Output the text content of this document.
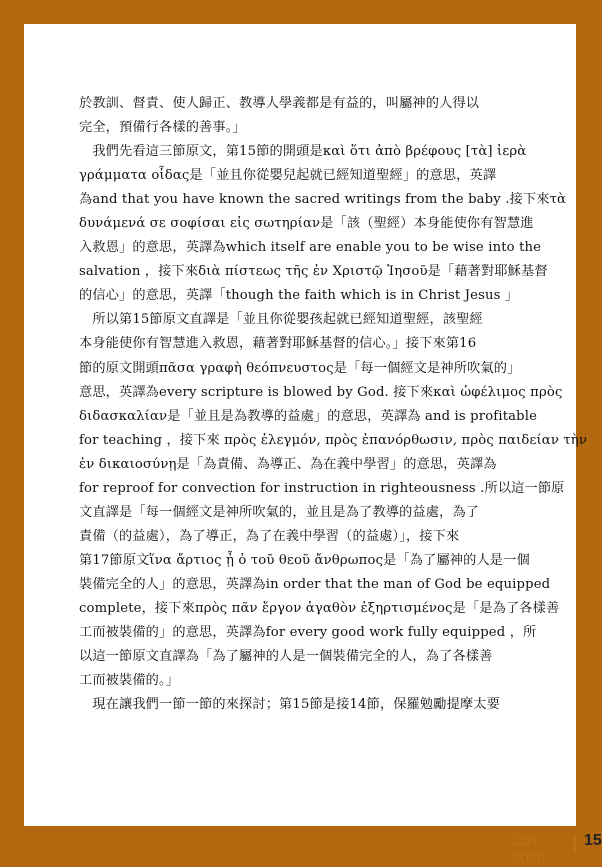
於教訓、督責、使人歸正、教導人學義都是有益的，叫屬神的人得以
完全，預備行各樣的善事。」
　我們先看這三節原文，第15節的開頭是καὶ ὅτι ἀπὸ βρέφους [τὰ] ἱερὰ
γράμματα οἶδας是「並且你從嬰兒起就已經知道聖經」的意思，英譯
為and that you have known the sacred writings from the baby .接下來τὰ
δυνάμενά σε σοφίσαι εἰς σωτηρίαν是「該（聖經）本身能使你有智慧進
入救恩」的意思，英譯為which itself are enable you to be wise into the
salvation ，接下來διὰ πίστεως τῆς ἐν Χριστῷ Ἰησοῦ是「藉著對耶穌基督
的信心」的意思，英譯「though the faith which is in Christ Jesus 」
　所以第15節原文直譯是「並且你從嬰孩起就已經知道聖經，該聖經
本身能使你有智慧進入救恩，藉著對耶穌基督的信心。」接下來第16
節的原文開頭πᾶσα γραφὴ θεόπνευστος是「每一個經文是神所吹氣的」
意思，英譯為every scripture is blowed by God. 接下來καὶ ὠφέλιμος πρὸς
διδασκαλίαν是「並且是為教導的益處」的意思，英譯為 and is profitable
for teaching ，接下來 πρὸς ἐλεγμόν, πρὸς ἐπανόρθωσιν, πρὸς παιδείαν τὴν
ἐν δικαιοσύνῃ是「為責備、為導正、為在義中學習」的意思，英譯為
for reproof for convection for instruction in righteousness .所以這一節原
文直譯是「每一個經文是神所吹氣的，並且是為了教導的益處，為了
責備（的益處），為了導正，為了在義中學習（的益處）」，接下來
第17節原文ἵνα ἄρτιος ᾖ ὁ τοῦ θεοῦ ἄνθρωπος是「為了屬神的人是一個
裝備完全的人」的意思，英譯為in order that the man of God be equipped
complete，接下來πρὸς πᾶν ἔργον ἀγαθὸν ἐξηρτισμένος是「是為了各樣善
工而被裝備的」的意思，英譯為for every good work fully equipped ，所
以這一節原文直譯為「為了屬神的人是一個裝備完全的人，為了各樣善
工而被裝備的。」
　現在讓我們一節一節的來探討；第15節是接14節，保羅勉勵提摩太要
Jan. 2020
15
